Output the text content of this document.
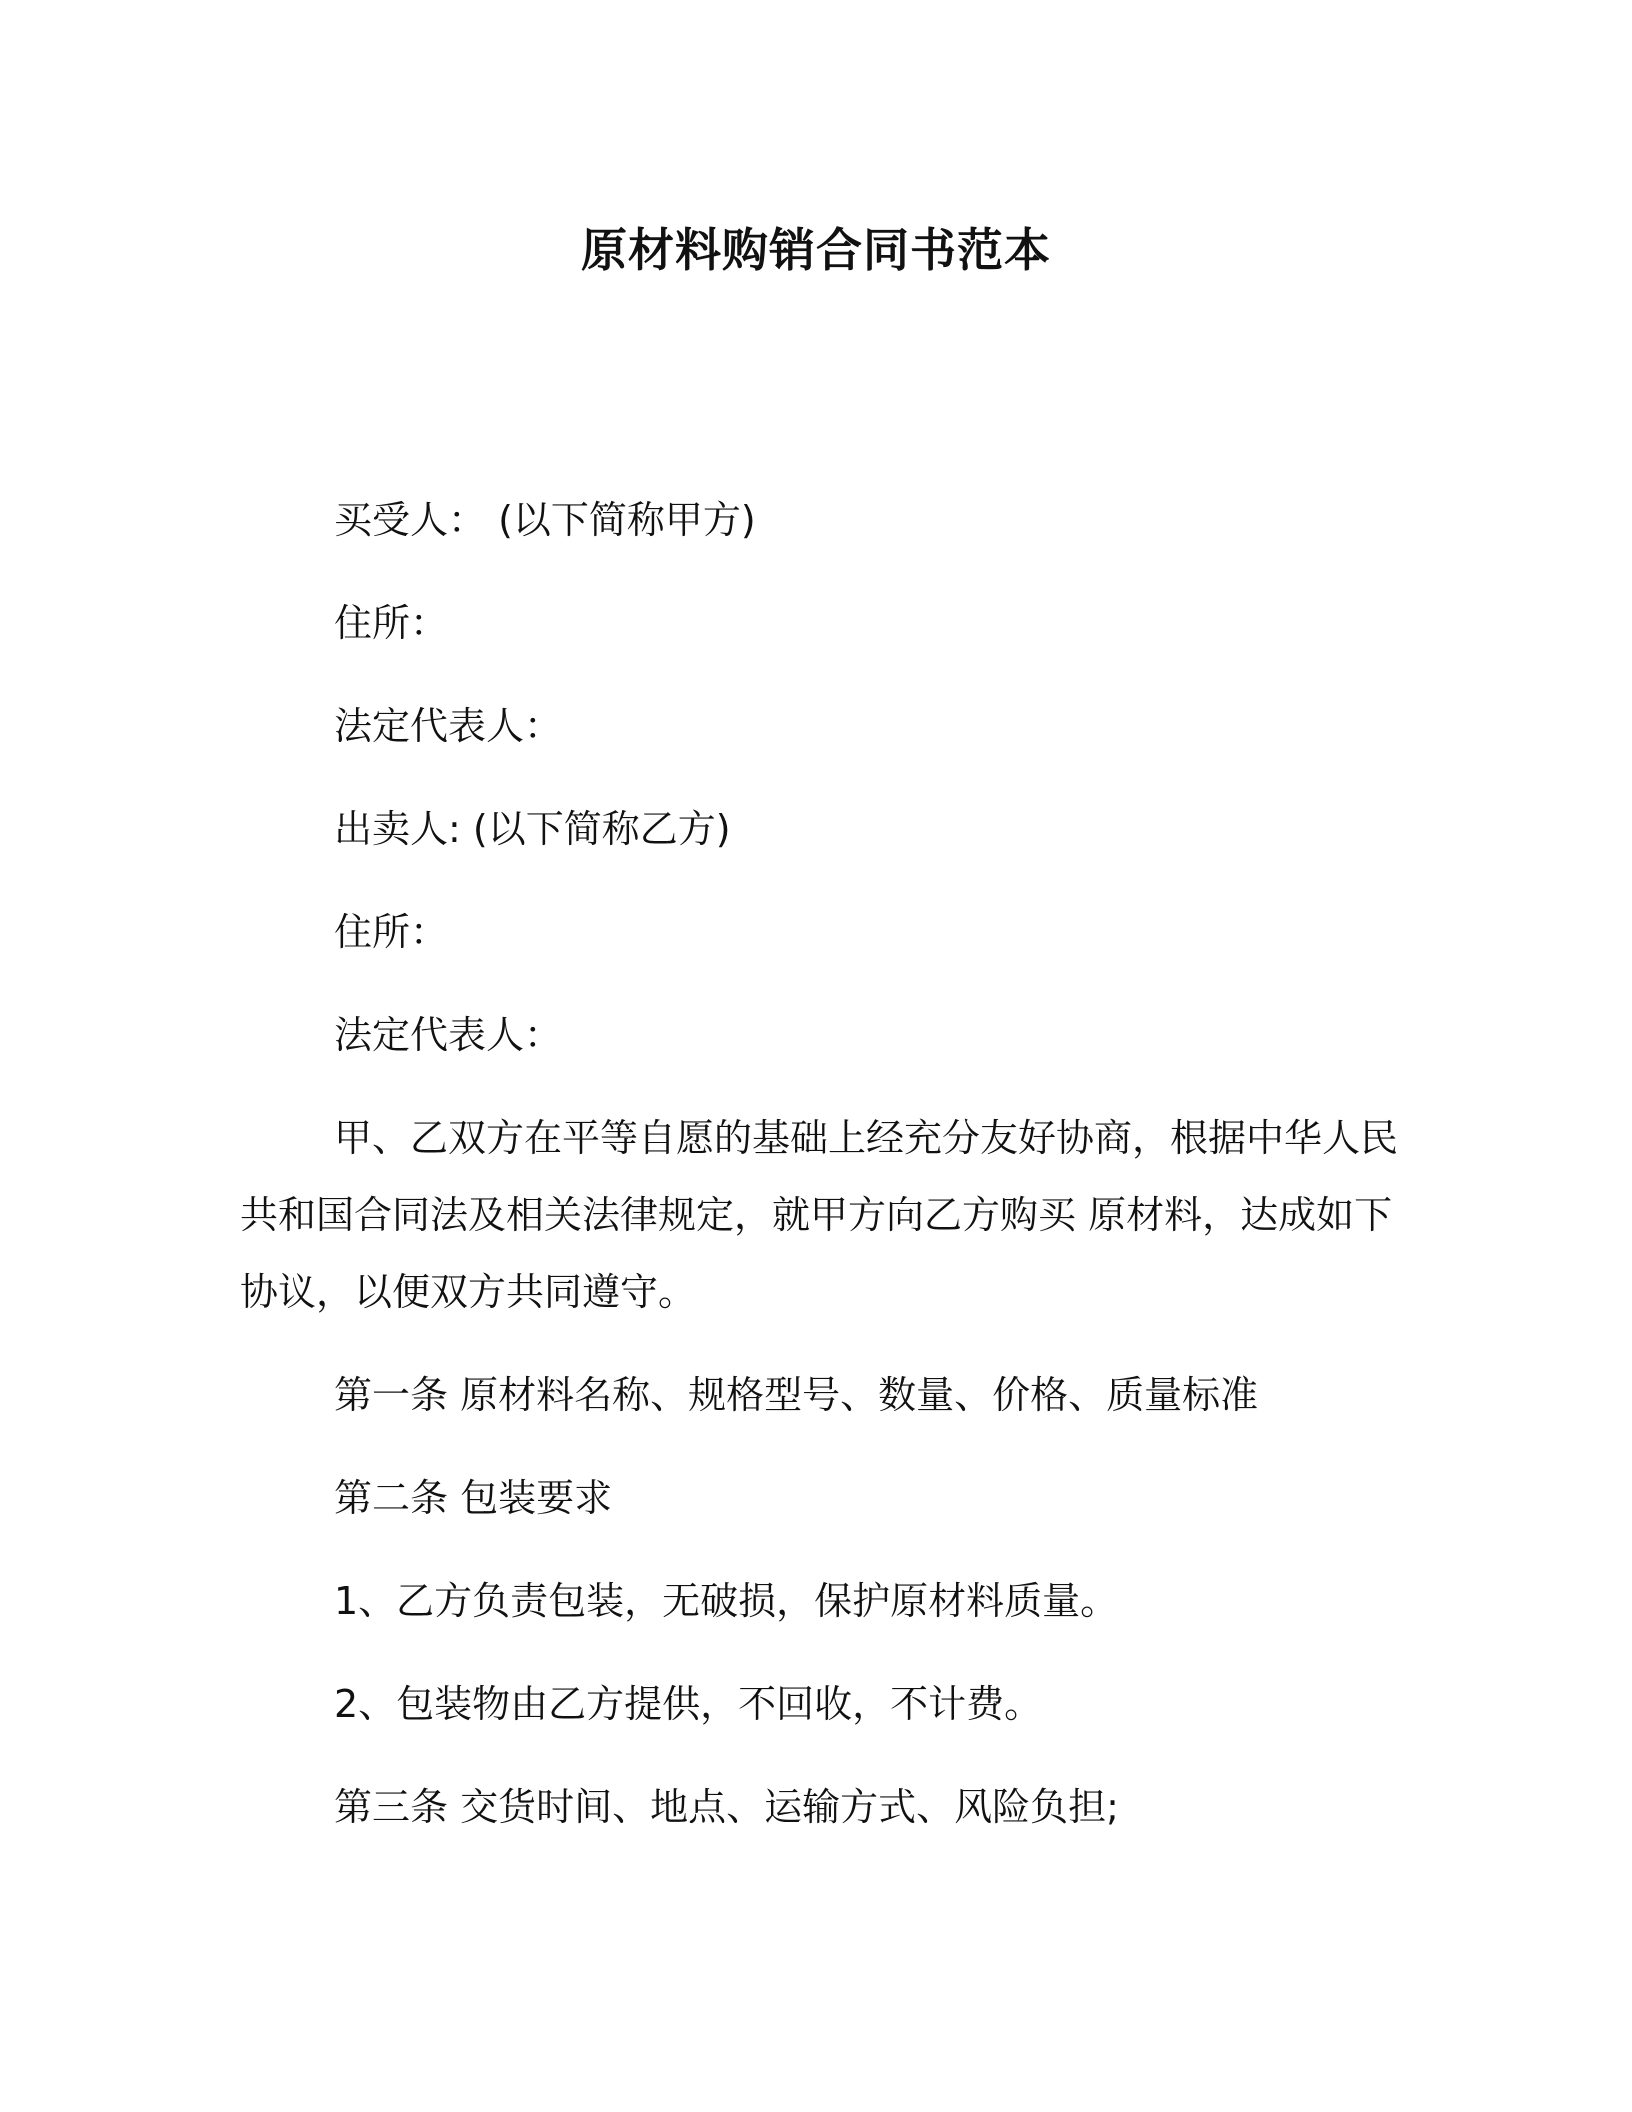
原材料购销合同书范本
买受人： (以下简称甲方)
住所：
法定代表人：
出卖人: (以下简称乙方)
住所：
法定代表人：
甲、乙双方在平等自愿的基础上经充分友好协商，根据中华人民
共和国合同法及相关法律规定，就甲方向乙方购买 原材料，达成如下
协议，以便双方共同遵守。
第一条 原材料名称、规格型号、数量、价格、质量标准
第二条 包装要求
1、乙方负责包装，无破损，保护原材料质量。
2、包装物由乙方提供，不回收，不计费。
第三条 交货时间、地点、运输方式、风险负担;
